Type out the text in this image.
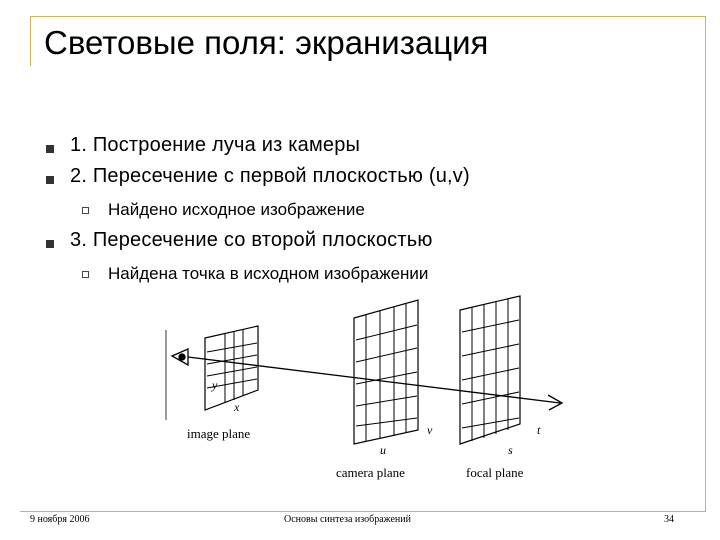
Световые поля: экранизация
1. Построение луча из камеры
2. Пересечение с первой плоскостью (u,v)
Найдено исходное изображение
3. Пересечение со второй плоскостью
Найдена точка в исходном изображении
y
x
image plane	v
u
camera plane
t
s
focal plane
9 ноября 2006	Основы синтеза изображений	34
